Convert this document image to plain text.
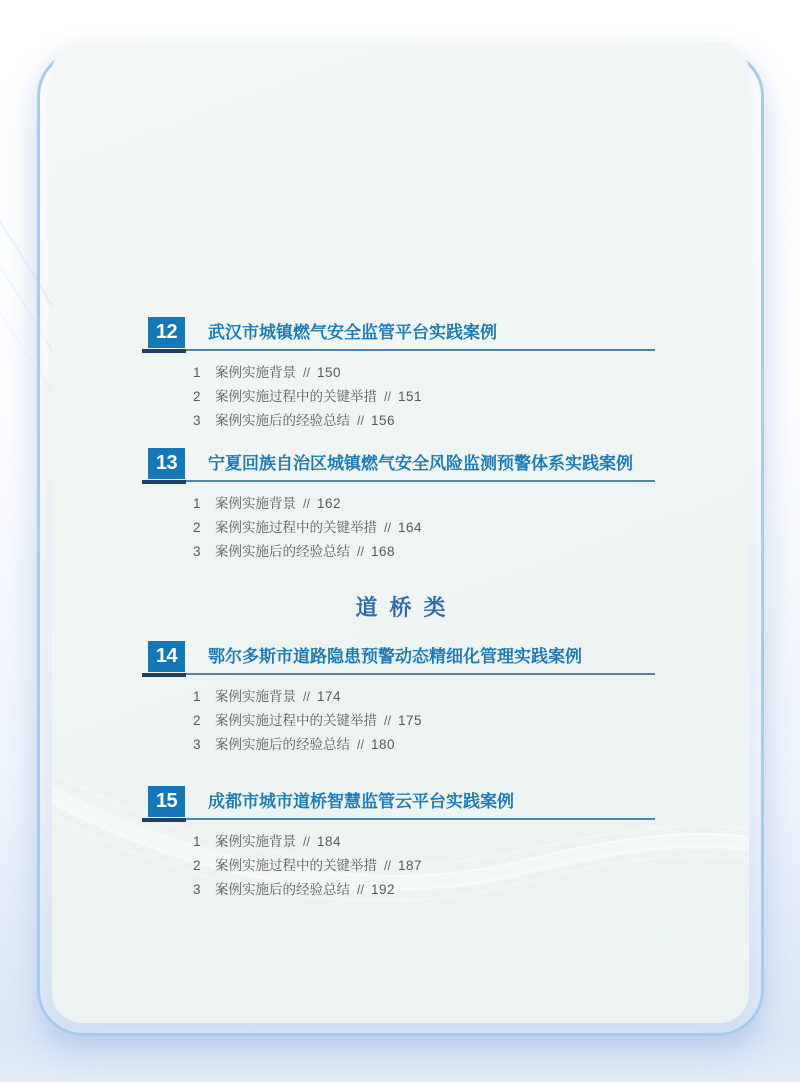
12	武汉市城镇燃气安全监管平台实践案例
1	案例实施背景 // 150
2	案例实施过程中的关键举措 // 151
3	案例实施后的经验总结 // 156
13	宁夏回族自治区城镇燃气安全风险监测预警体系实践案例
1	案例实施背景 // 162
2	案例实施过程中的关键举措 // 164
3	案例实施后的经验总结 // 168
道桥类
14	鄂尔多斯市道路隐患预警动态精细化管理实践案例
1	案例实施背景 // 174
2	案例实施过程中的关键举措 // 175
3	案例实施后的经验总结 // 180
15	成都市城市道桥智慧监管云平台实践案例
1	案例实施背景 // 184
2	案例实施过程中的关键举措 // 187
3	案例实施后的经验总结 // 192
